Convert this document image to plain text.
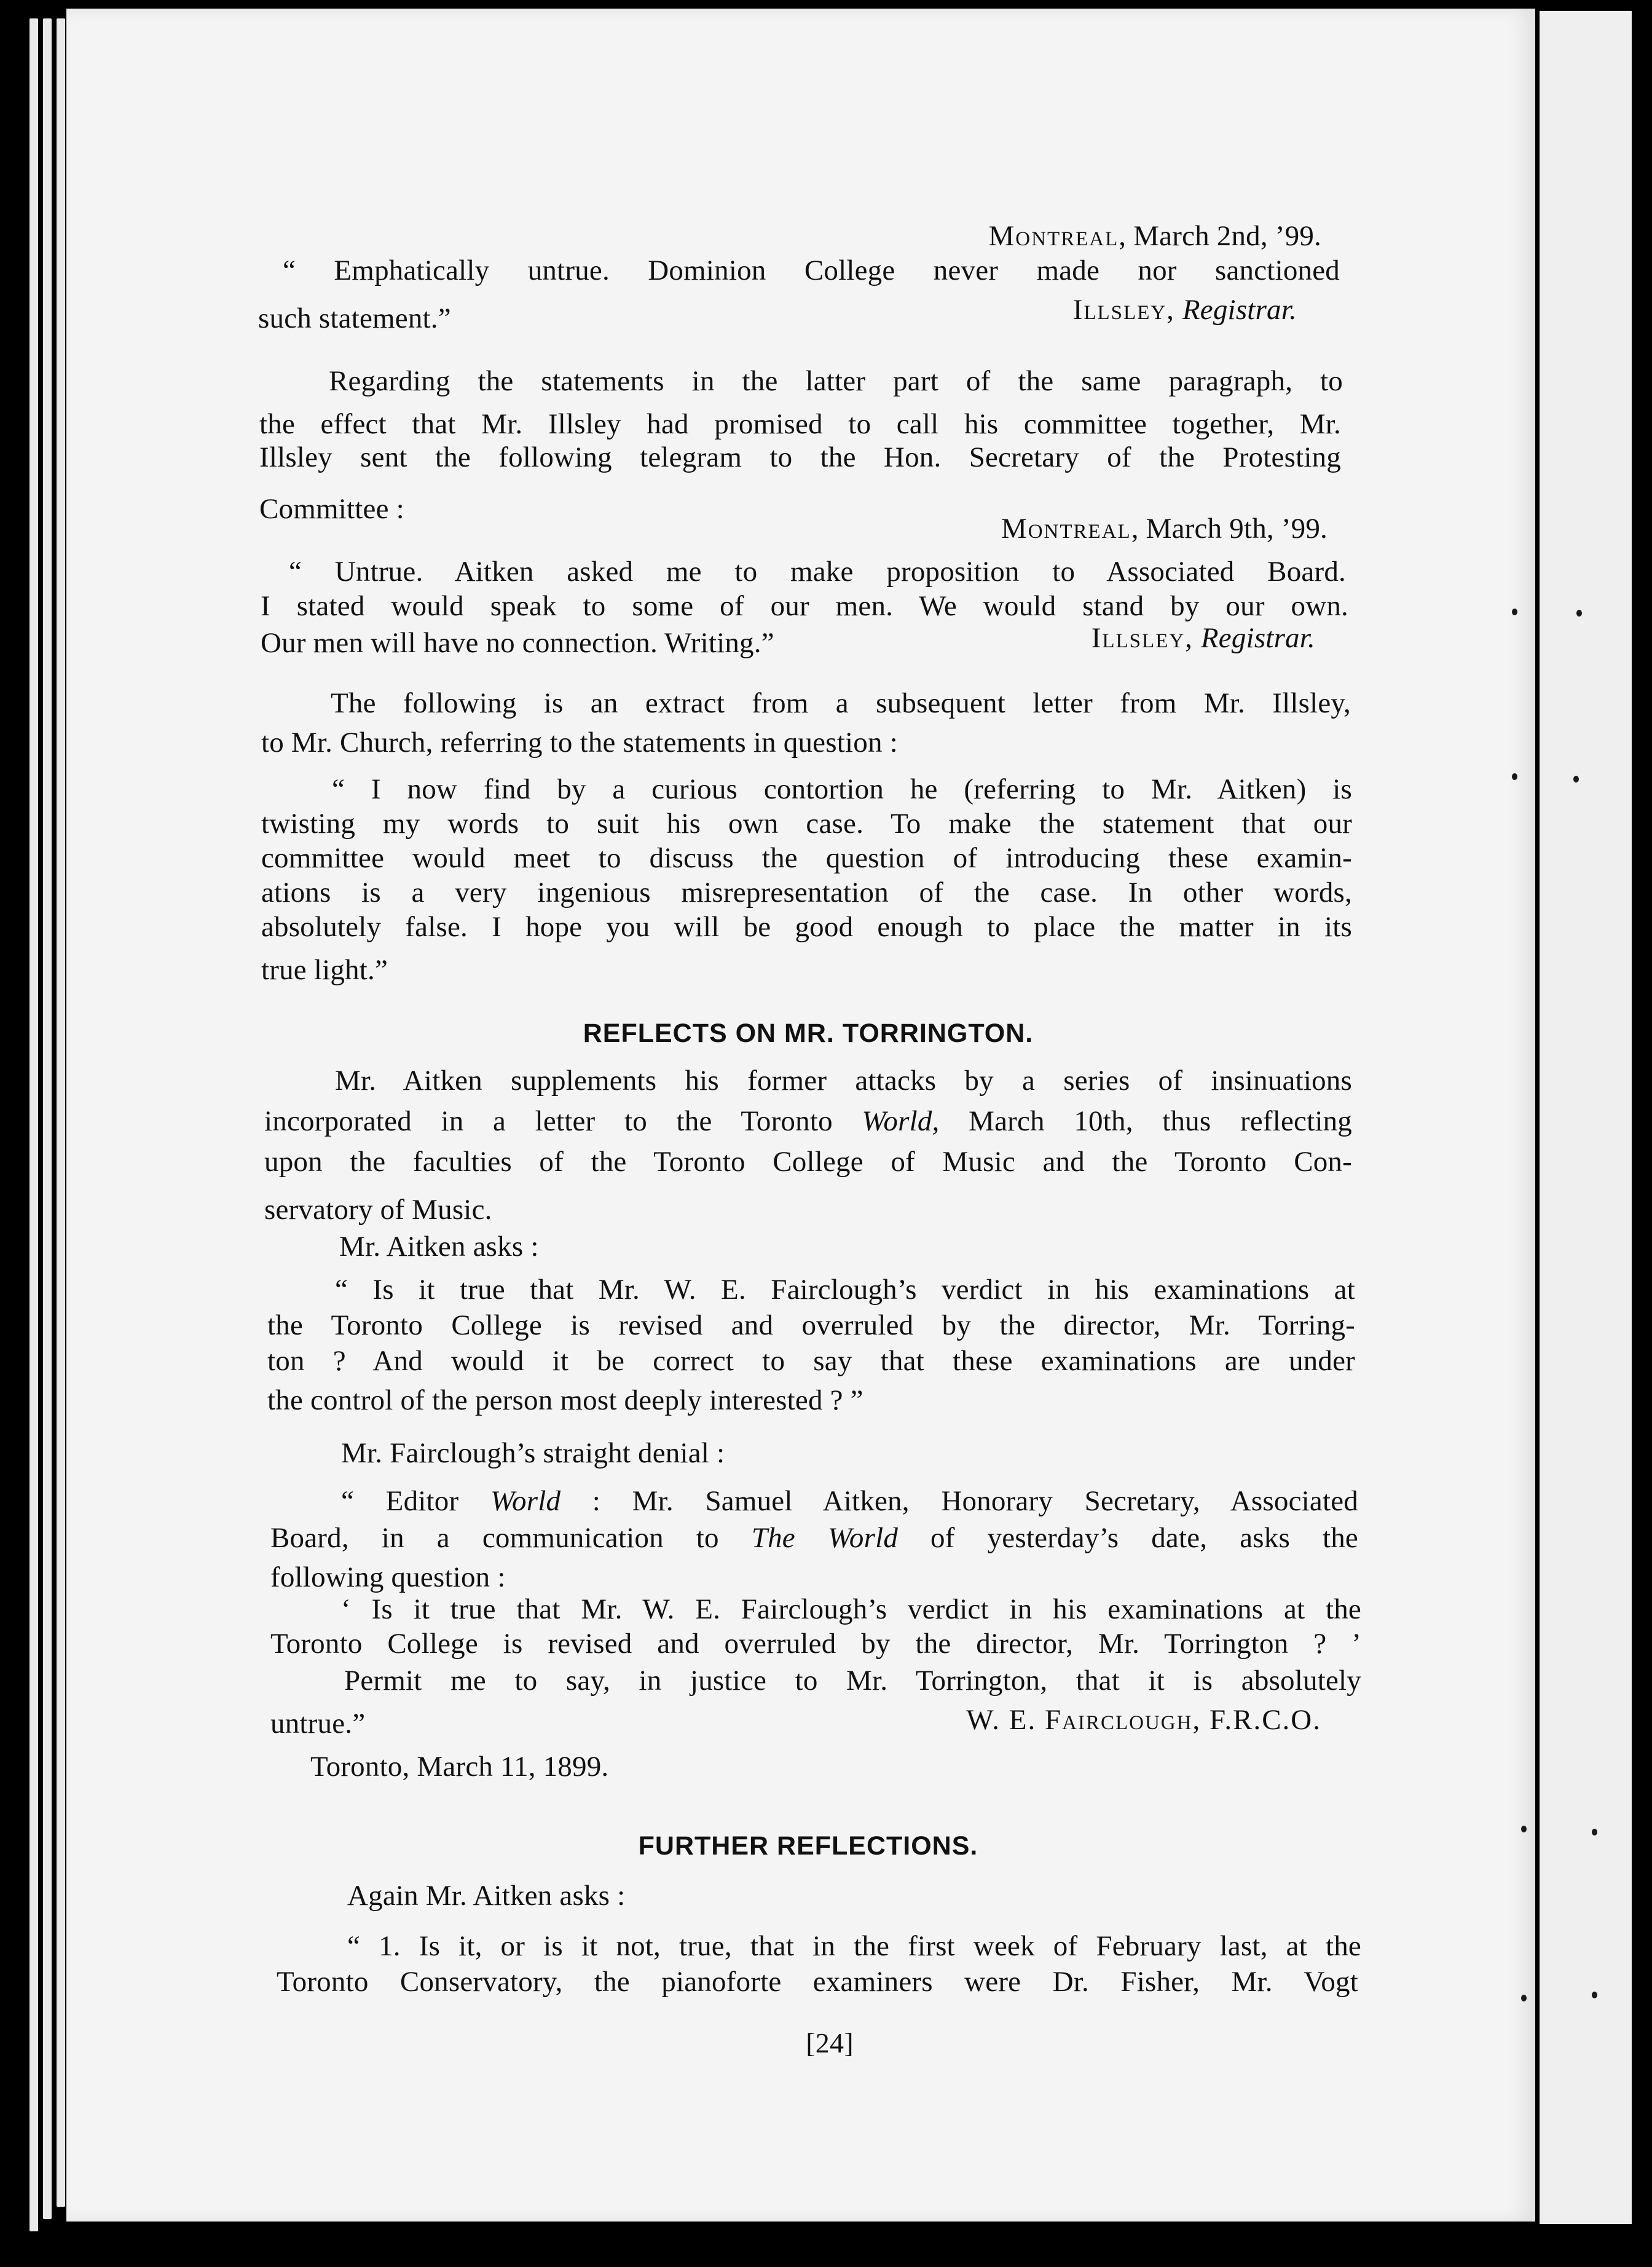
Montreal, March 2nd, ’99.
“ Emphatically untrue. Dominion College never made nor sanctioned
such statement.”	Illsley, Registrar.
Regarding the statements in the latter part of the same paragraph, to
the effect that Mr. Illsley had promised to call his committee together, Mr.
Illsley sent the following telegram to the Hon. Secretary of the Protesting
Committee :
Montreal, March 9th, ’99.
“ Untrue. Aitken asked me to make proposition to Associated Board.
I stated would speak to some of our men. We would stand by our own.
Our men will have no connection. Writing.”	Illsley, Registrar.
The following is an extract from a subsequent letter from Mr. Illsley,
to Mr. Church, referring to the statements in question :
“ I now find by a curious contortion he (referring to Mr. Aitken) is
twisting my words to suit his own case. To make the statement that our
committee would meet to discuss the question of introducing these examin-
ations is a very ingenious misrepresentation of the case. In other words,
absolutely false. I hope you will be good enough to place the matter in its
true light.”
REFLECTS ON MR. TORRINGTON.
Mr. Aitken supplements his former attacks by a series of insinuations
incorporated in a letter to the Toronto World, March 10th, thus reflecting
upon the faculties of the Toronto College of Music and the Toronto Con-
servatory of Music.
Mr. Aitken asks :
“ Is it true that Mr. W. E. Fairclough’s verdict in his examinations at
the Toronto College is revised and overruled by the director, Mr. Torring-
ton ? And would it be correct to say that these examinations are under
the control of the person most deeply interested ? ”
Mr. Fairclough’s straight denial :
“ Editor World : Mr. Samuel Aitken, Honorary Secretary, Associated
Board, in a communication to The World of yesterday’s date, asks the
following question :
‘ Is it true that Mr. W. E. Fairclough’s verdict in his examinations at the
Toronto College is revised and overruled by the director, Mr. Torrington ? ’
Permit me to say, in justice to Mr. Torrington, that it is absolutely
untrue.”	W. E. Fairclough, F.R.C.O.
Toronto, March 11, 1899.
FURTHER REFLECTIONS.
Again Mr. Aitken asks :
“ 1. Is it, or is it not, true, that in the first week of February last, at the
Toronto Conservatory, the pianoforte examiners were Dr. Fisher, Mr. Vogt
[24]
